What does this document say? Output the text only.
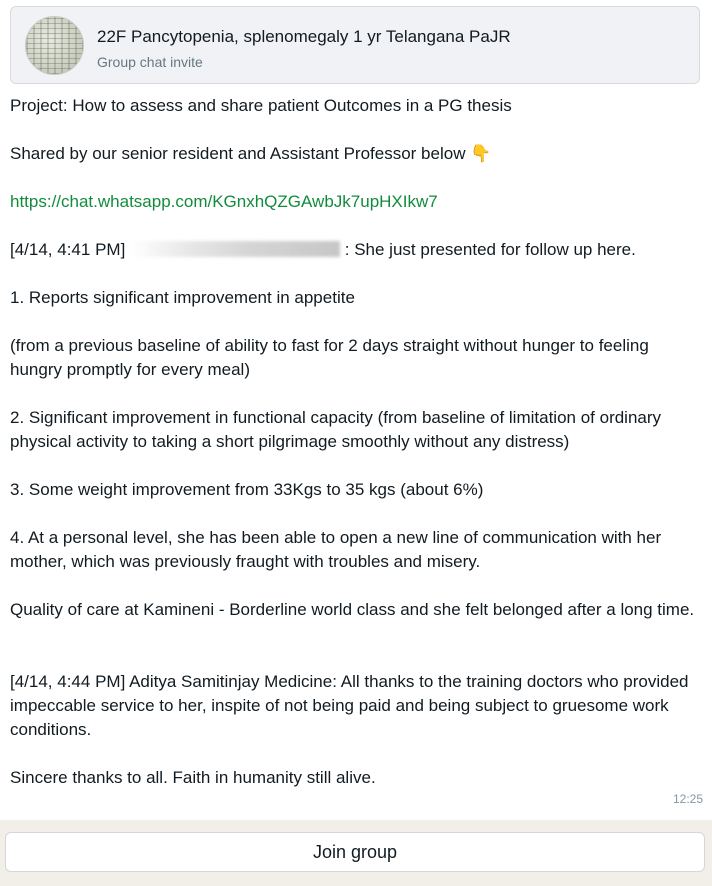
22F Pancytopenia, splenomegaly 1 yr Telangana PaJR
Group chat invite

Project: How to assess and share patient Outcomes in a PG thesis

Shared by our senior resident and Assistant Professor below 👇

https://chat.whatsapp.com/KGnxhQZGAwbJk7upHXIkw7

[4/14, 4:41 PM]	: She just presented for follow up here.

1. Reports significant improvement in appetite

(from a previous baseline of ability to fast for 2 days straight without hunger to feeling hungry promptly for every meal)

2. Significant improvement in functional capacity (from baseline of limitation of ordinary physical activity to taking a short pilgrimage smoothly without any distress)

3. Some weight improvement from 33Kgs to 35 kgs (about 6%)

4. At a personal level, she has been able to open a new line of communication with her mother, which was previously fraught with troubles and misery.

Quality of care at Kamineni - Borderline world class and she felt belonged after a long time.

[4/14, 4:44 PM] Aditya Samitinjay Medicine: All thanks to the training doctors who provided impeccable service to her, inspite of not being paid and being subject to gruesome work conditions.

Sincere thanks to all. Faith in humanity still alive.

12:25
Join group
